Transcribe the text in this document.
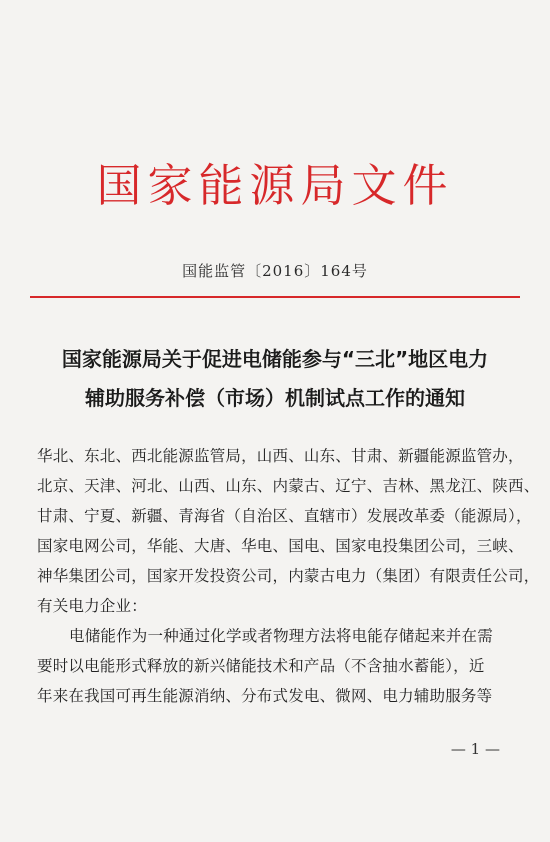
国家能源局文件
国能监管〔2016〕164号
国家能源局关于促进电储能参与“三北”地区电力
辅助服务补偿（市场）机制试点工作的通知
华北、东北、西北能源监管局，山西、山东、甘肃、新疆能源监管办，
北京、天津、河北、山西、山东、内蒙古、辽宁、吉林、黑龙江、陕西、
甘肃、宁夏、新疆、青海省（自治区、直辖市）发展改革委（能源局），
国家电网公司，华能、大唐、华电、国电、国家电投集团公司，三峡、
神华集团公司，国家开发投资公司，内蒙古电力（集团）有限责任公司，
有关电力企业：
电储能作为一种通过化学或者物理方法将电能存储起来并在需
要时以电能形式释放的新兴储能技术和产品（不含抽水蓄能），近
年来在我国可再生能源消纳、分布式发电、微网、电力辅助服务等
— 1 —
